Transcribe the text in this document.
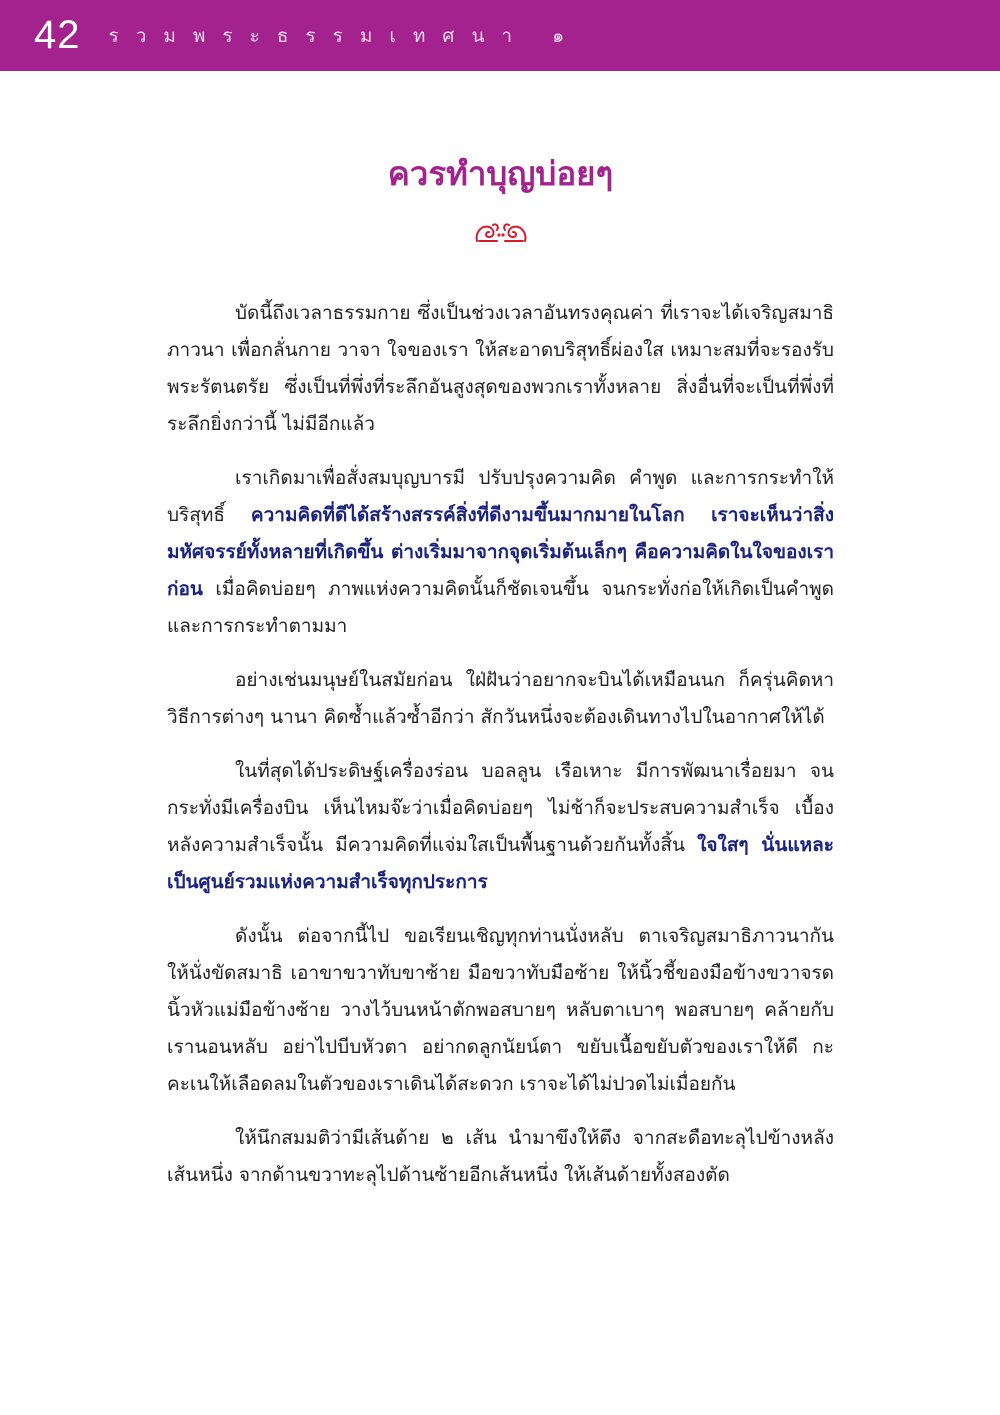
42 รวมพระธรรมเทศนา ๑
ควรทำบุญบ่อยๆ

บัดนี้ถึงเวลาธรรมกาย ซึ่งเป็นช่วงเวลาอันทรงคุณค่า ที่เราจะได้เจริญสมาธิภาวนา เพื่อกลั่นกาย วาจา ใจของเรา ให้สะอาดบริสุทธิ์ผ่องใส เหมาะสมที่จะรองรับพระรัตนตรัย ซึ่งเป็นที่พึ่งที่ระลึกอันสูงสุดของพวกเราทั้งหลาย สิ่งอื่นที่จะเป็นที่พึ่งที่ระลึกยิ่งกว่านี้ ไม่มีอีกแล้ว

เราเกิดมาเพื่อสั่งสมบุญบารมี ปรับปรุงความคิด คำพูด และการกระทำให้บริสุทธิ์ ความคิดที่ดีได้สร้างสรรค์สิ่งที่ดีงามขึ้นมากมายในโลก เราจะเห็นว่าสิ่งมหัศจรรย์ทั้งหลายที่เกิดขึ้น ต่างเริ่มมาจากจุดเริ่มต้นเล็กๆ คือความคิดในใจของเราก่อน เมื่อคิดบ่อยๆ ภาพแห่งความคิดนั้นก็ชัดเจนขึ้น จนกระทั่งก่อให้เกิดเป็นคำพูด และการกระทำตามมา

อย่างเช่นมนุษย์ในสมัยก่อน ใฝ่ฝันว่าอยากจะบินได้เหมือนนก ก็ครุ่นคิดหาวิธีการต่างๆ นานา คิดซ้ำแล้วซ้ำอีกว่า สักวันหนึ่งจะต้องเดินทางไปในอากาศให้ได้

ในที่สุดได้ประดิษฐ์เครื่องร่อน บอลลูน เรือเหาะ มีการพัฒนาเรื่อยมา จนกระทั่งมีเครื่องบิน เห็นไหมจ๊ะว่าเมื่อคิดบ่อยๆ ไม่ช้าก็จะประสบความสำเร็จ เบื้องหลังความสำเร็จนั้น มีความคิดที่แจ่มใสเป็นพื้นฐานด้วยกันทั้งสิ้น ใจใสๆ นั่นแหละเป็นศูนย์รวมแห่งความสำเร็จทุกประการ

ดังนั้น ต่อจากนี้ไป ขอเรียนเชิญทุกท่านนั่งหลับ ตาเจริญสมาธิภาวนากัน ให้นั่งขัดสมาธิ เอาขาขวาทับขาซ้าย มือขวาทับมือซ้าย ให้นิ้วชี้ของมือข้างขวาจรดนิ้วหัวแม่มือข้างซ้าย วางไว้บนหน้าตักพอสบายๆ หลับตาเบาๆ พอสบายๆ คล้ายกับเรานอนหลับ อย่าไปบีบหัวตา อย่ากดลูกนัยน์ตา ขยับเนื้อขยับตัวของเราให้ดี กะคะเนให้เลือดลมในตัวของเราเดินได้สะดวก เราจะได้ไม่ปวดไม่เมื่อยกัน

ให้นึกสมมติว่ามีเส้นด้าย ๒ เส้น นำมาขึงให้ตึง จากสะดือทะลุไปข้างหลังเส้นหนึ่ง จากด้านขวาทะลุไปด้านซ้ายอีกเส้นหนึ่ง ให้เส้นด้ายทั้งสองตัด
